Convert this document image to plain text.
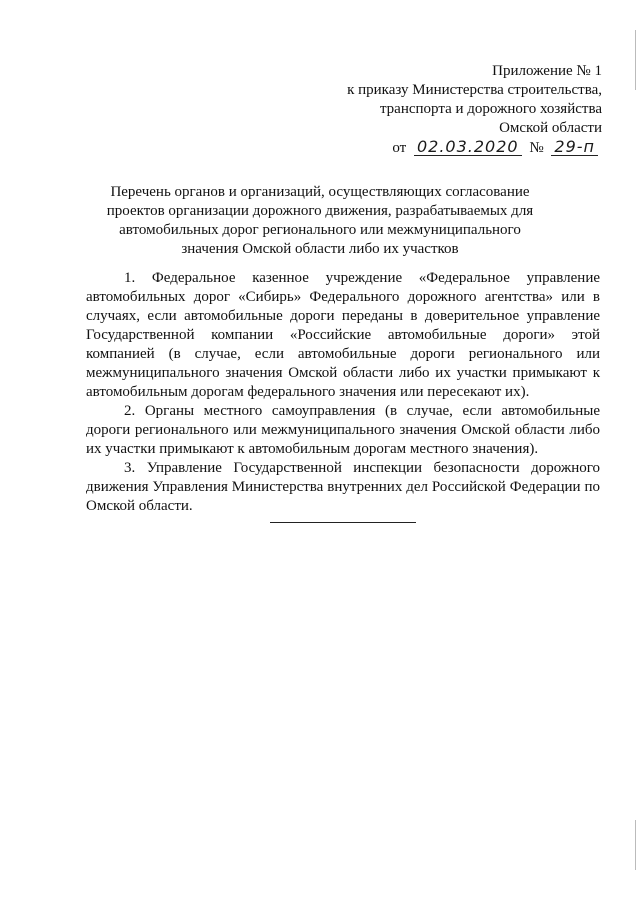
Приложение № 1
к приказу Министерства строительства,
транспорта и дорожного хозяйства
Омской области
от 02.03.2020 № 29-п
Перечень органов и организаций, осуществляющих согласование
проектов организации дорожного движения, разрабатываемых для
автомобильных дорог регионального или межмуниципального
значения Омской области либо их участков

1. Федеральное казенное учреждение «Федеральное управление автомобильных дорог «Сибирь» Федерального дорожного агентства» или в случаях, если автомобильные дороги переданы в доверительное управление Государственной компании «Российские автомобильные дороги» этой компанией (в случае, если автомобильные дороги регионального или межмуниципального значения Омской области либо их участки примыкают к автомобильным дорогам федерального значения или пересекают их).

2. Органы местного самоуправления (в случае, если автомобильные дороги регионального или межмуниципального значения Омской области либо их участки примыкают к автомобильным дорогам местного значения).

3. Управление Государственной инспекции безопасности дорожного движения Управления Министерства внутренних дел Российской Федерации по Омской области.
